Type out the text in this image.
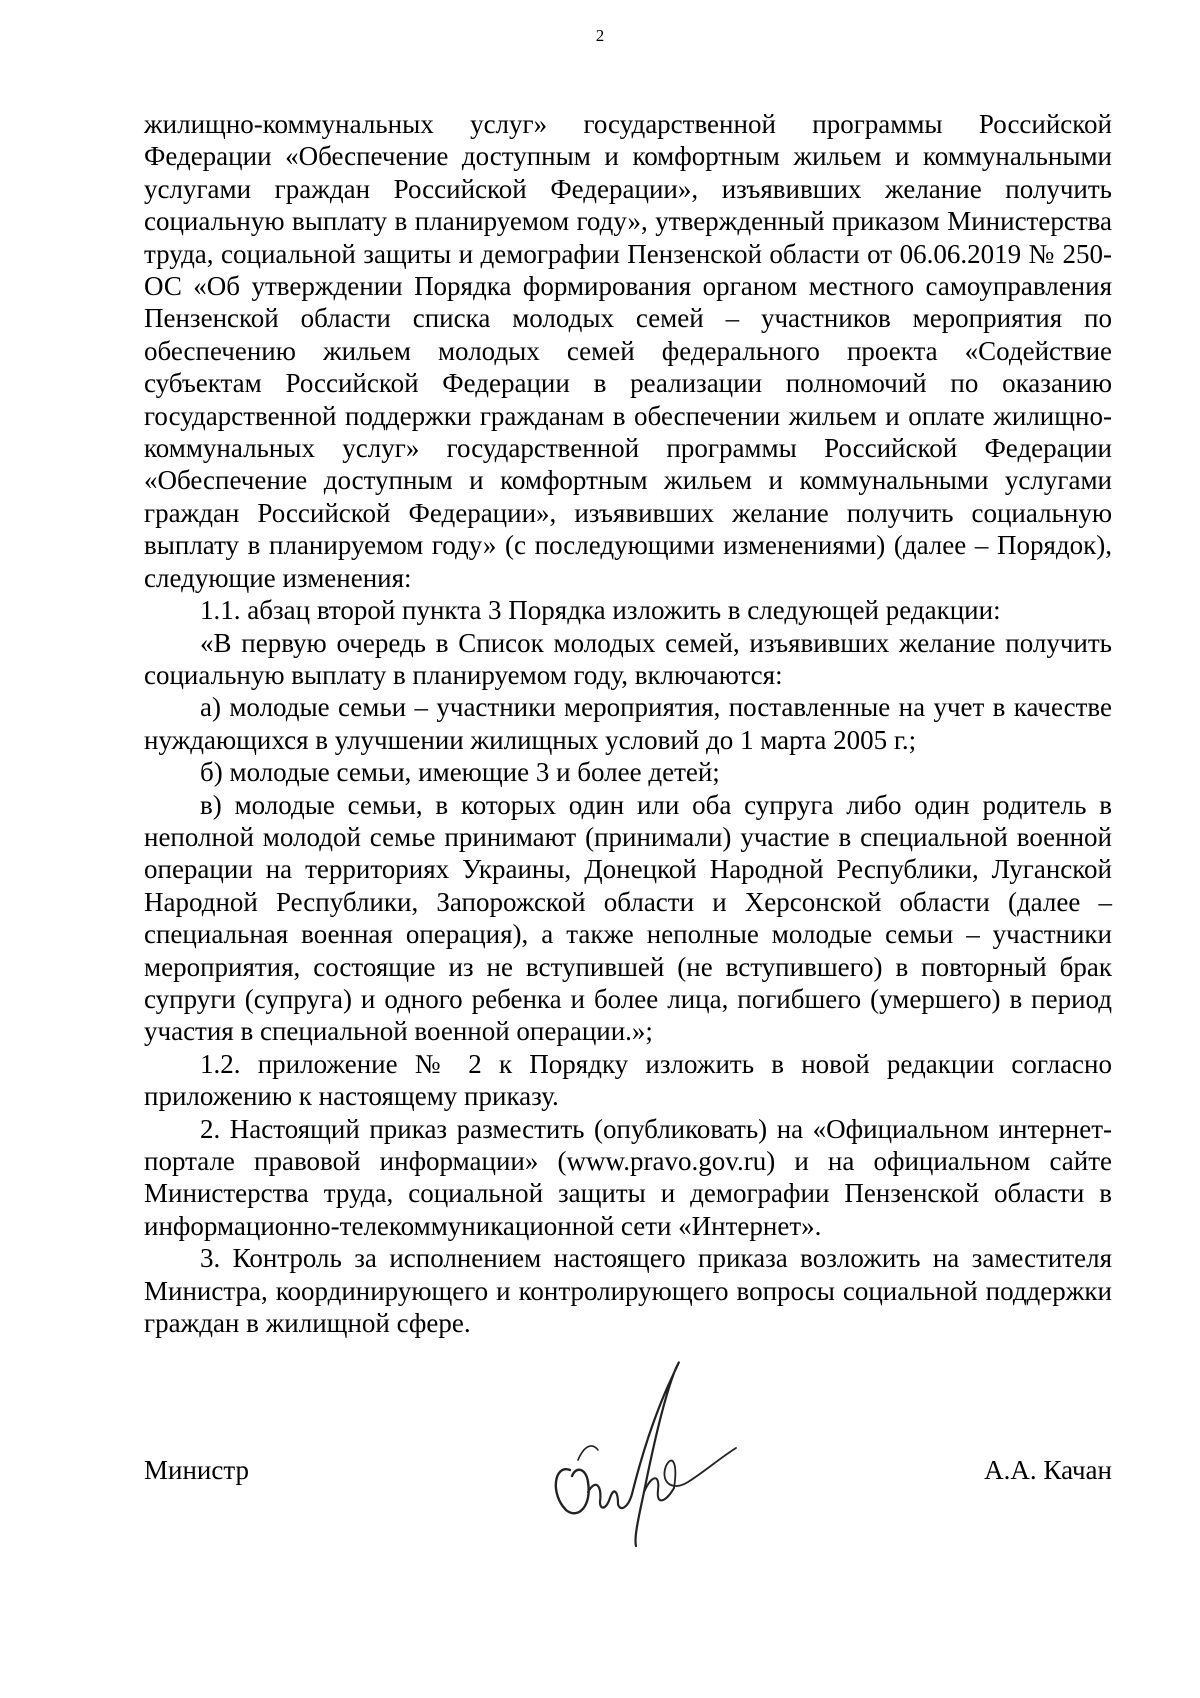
2

жилищно-коммунальных услуг» государственной программы Российской Федерации «Обеспечение доступным и комфортным жильем и коммунальными услугами граждан Российской Федерации», изъявивших желание получить социальную выплату в планируемом году», утвержденный приказом Министерства труда, социальной защиты и демографии Пензенской области от 06.06.2019 № 250-ОС «Об утверждении Порядка формирования органом местного самоуправления Пензенской области списка молодых семей – участников мероприятия по обеспечению жильем молодых семей федерального проекта «Содействие субъектам Российской Федерации в реализации полномочий по оказанию государственной поддержки гражданам в обеспечении жильем и оплате жилищно-коммунальных услуг» государственной программы Российской Федерации «Обеспечение доступным и комфортным жильем и коммунальными услугами граждан Российской Федерации», изъявивших желание получить социальную выплату в планируемом году» (с последующими изменениями) (далее – Порядок), следующие изменения:

1.1. абзац второй пункта 3 Порядка изложить в следующей редакции:

«В первую очередь в Список молодых семей, изъявивших желание получить социальную выплату в планируемом году, включаются:

а) молодые семьи – участники мероприятия, поставленные на учет в качестве нуждающихся в улучшении жилищных условий до 1 марта 2005 г.;

б) молодые семьи, имеющие 3 и более детей;

в) молодые семьи, в которых один или оба супруга либо один родитель в неполной молодой семье принимают (принимали) участие в специальной военной операции на территориях Украины, Донецкой Народной Республики, Луганской Народной Республики, Запорожской области и Херсонской области (далее – специальная военная операция), а также неполные молодые семьи – участники мероприятия, состоящие из не вступившей (не вступившего) в повторный брак супруги (супруга) и одного ребенка и более лица, погибшего (умершего) в период участия в специальной военной операции.»;

1.2. приложение № 2 к Порядку изложить в новой редакции согласно приложению к настоящему приказу.

2. Настоящий приказ разместить (опубликовать) на «Официальном интернет-портале правовой информации» (www.pravo.gov.ru) и на официальном сайте Министерства труда, социальной защиты и демографии Пензенской области в информационно-телекоммуникационной сети «Интернет».

3. Контроль за исполнением настоящего приказа возложить на заместителя Министра, координирующего и контролирующего вопросы социальной поддержки граждан в жилищной сфере.

Министр	А.А. Качан
